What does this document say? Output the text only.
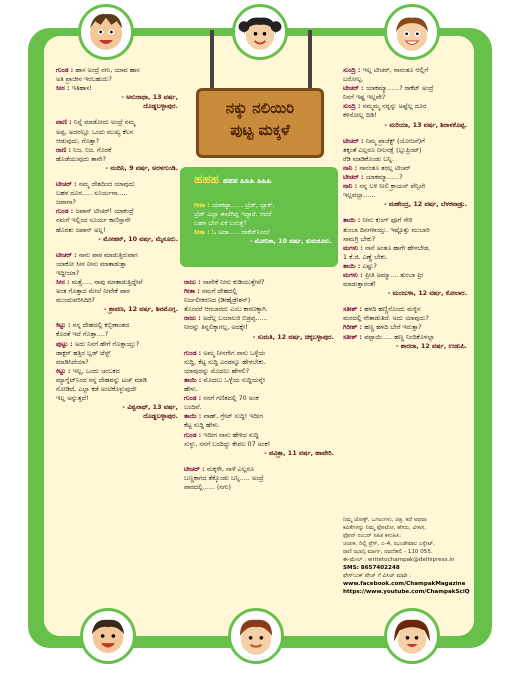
ನಕ್ಕು ನಲಿಯಿರಿ
ಪುಟ್ಟ ಮಕ್ಕಳೆ

ಗುಂಡ : ಹಾಸ ಅಂದ್ರೆ ನಗು, ಯಾವ ಹಾಸ

ಅತಿ ಪ್ರಾಚೀನ ಇರಬಹುದು?

ಸೀನ : ಇತಿಹಾಸ!

- ಅನುರಾಧಾ, 13 ವರ್ಷ,

ದೊಡ್ಡಬಳ್ಳಾಪುರ.

ವಾಣಿ : ನಿನ್ನೆ ಮಾಡೋದು ಅಂದ್ರೆ ನಮ್ಮ

ಅಪ್ಪ, ಅದರಲ್ಲೂ ಒಂದು ಮುಖ್ಯ ಕೆಲಸ

ಆಡುವುದು, ಗೊತ್ತಾ?

ರಾಣಿ : ನಿಜ, ನಿಜ. ಗೊರಕೆ

ಹೊಡೆಯುವುದು ತಾನೇ?

- ನಂದಿನಿ, 9 ವರ್ಷ, ಅರಳಗುಂಡಿ.

ಟೀಚರ್ : ನಮ್ಮ ದೇಶದಿಂದ ಯಾವುದು

ಬಹಳ ದೂರ..... ಸೂರ್ಯನಾ.....

ಜಪಾನಾ?

ಗುಂಡ : ಜಪಾನ್ ಟೀಚರ್! ಯಾಕಂದ್ರೆ

ನಮಗೆ ಇಲ್ಲಿಂದ ಸೂರ್ಯ ಕಾಣಿಸ್ತಾನೇ

ಹೊರತು ಜಪಾನ್ ಅಲ್ಲ!

- ಮೋಹನ್, 10 ವರ್ಷ, ಮೈಸೂರು.

ಟೀಚರ್ : ನಾನು ಪಾಠ ಮಾಡುತ್ತಿರುವಾಗ

ಯಾಕೋ ಸೀನ ನೀನು ಮಾತಾಡುತ್ತಾ

ಇದ್ದೀಯಾ?

ಸೀನ : ಮತ್ತೆ..... ನಾವು ಮಾತಾಡುತ್ತಿದ್ದೇವೆ

ಅಂತ ಗೊತ್ತಾದ ಮೇಲೆ ನೀವೇಕೆ ಪಾಠ

ಮುಂದುವರಿಸಿದಿರಿ?

- ಶ್ರಾವಣ, 12 ವರ್ಷ, ಶಿವಮೊಗ್ಗ.

ಕಿಟ್ಟು : ನನ್ನ ದೇಹದಲ್ಲಿ ಕಬ್ಬಿಣಾಂಶದ

ಕೊರತೆ ಇದೆ ಗೊತ್ತಾ....?

ಪುಟ್ಟು : ಅದು ನಿನಗೆ ಹೇಗೆ ಗೊತ್ತಾಯ್ತು?

ಡಾಕ್ಟರ್ ಹತ್ತಿರ ಬ್ಲಡ್ ಟೆಸ್ಟ್

ಮಾಡಿಸಿದೆಯಾ?

ಕಿಟ್ಟು : ಇಲ್ಲ, ಒಂದು ಚಂಬಕದ

ಮ್ಯಾಗ್ನೆಟ್‌ನಿಂದ ನನ್ನ ದೇಹವನ್ನು ಟಚ್ ಮಾಡಿ

ನೋಡಿದೆ, ಎಲ್ಲಾ ಕಡೆ ಅಂಟಿಕೊಳ್ಳುವುದೇ

ಇಲ್ಲ ಅನ್ನುತ್ತದೆ!

- ವಿಶ್ವನಾಥ್, 13 ವರ್ಷ,

ದೊಡ್ಡಬಳ್ಳಾಪುರ.

ಹಹಹ ಹಹಹ ಹಿಹಿಹಿ ಹಿಹಿಹಿ

ಗೀತಾ : ಯಾಕಪ್ಪಾ...... ಬ್ರೆಡ್, ಬ್ಲಾಕ್,

ಬ್ರೆಡ್ ಎಲ್ಲಾ ಈಚೆಗಿದ್ದ ಇದ್ದಾರೆ, ಆದರೆ

ಬಹಳ ಬೇಗ ಏಕೆ ಬರುತ್ತೆ?

ಸೀತಾ : ಓ ಅದಾ..... ಜಾಕೆಟ್‌ನಿಂದ!

- ಮೋನಿಕಾ, 10 ವರ್ಷ, ತುಮಕೂರು.

ರಾಜು : ನಾವೇಕೆ ನೀರು ಕುಡಿಯುತ್ತೇವೆ?

ಗೀತಾ : ನಮಗೆ ದೇಹದಲ್ಲಿ

ನಿರ್ಜಲೀಕರಣದ (ಡೀಹೈಡ್ರೇಶನ್)

ತೊಂದರೆ ಆಗಬಾರದು ಎಂಬ ಕಾರಣಕ್ಕಾಗಿ.

ರಾಜು : ಅದೆಲ್ಲ ಬಯಾಲಜಿ ಬಿಡ್ರಪ್ಪ......

ನೀರನ್ನು ತಿನ್ನಲಿಕ್ಕಾಗಲ್ಲ, ಅದಕ್ಕೇ!

- ಸುಮತಿ, 12 ವರ್ಷ, ಚಿಕ್ಕಬಳ್ಳಾಪುರ.

ಗುಂಡ : ಅಮ್ಮ ನೀನಗೇಗ ನಾನು ಒಳ್ಳೆಯ

ಸುದ್ದಿ, ಕೆಟ್ಟ ಸುದ್ದಿ ಎರಡನ್ನೂ ಹೇಳಬೇಕು.

ಯಾವುದನ್ನು ಮೊದಲು ಹೇಳಲಿ?

ತಾಯಿ : ಮೊದಲು ಒಳ್ಳೆಯ ಸುದ್ದಿಯನ್ನೇ

ಹೇಳು.

ಗುಂಡ : ನನಗೆ ಗಣಿತದಲ್ಲಿ 70 ಅಂಕ

ಬಂದಿವೆ.

ತಾಯಿ : ವಾಹ್, ಗ್ರೇಟ್ ಸುದ್ದಿ! ಇದೀಗ

ಕೆಟ್ಟ ಸುದ್ದಿ ಹೇಳು.

ಗುಂಡ : ಇದೀಗ ನಾನು ಹೇಳಿದ ಸುದ್ದಿ

ಸುಳ್ಳು, ನನಗೆ ಬಂದಿದ್ದು ಕೇವಲ 07 ಅಂಕ!

- ಪವಿತ್ರಾ, 11 ವರ್ಷ, ಹಾವೇರಿ.

ಟೀಚರ್ : ಮಕ್ಕಳೇ, ನಾಳೆ ಎಲ್ಲರೂ

ಬಣ್ಣಕಾಗದ ತೆಕ್ಕೊಂಡು ಬನ್ನಿ..... ಅಂದ್ರೆ

ಪಾಠದಲ್ಲಿ...... (ನಗು)

ಸುಂದ್ರಿ : ಇಲ್ಲ ಟೀಚರ್, ನಾನಂತೂ ಆಲ್ಲಿಗೆ

ಬರೋಲ್ಲ.

ಟೀಚರ್ : ಯಾಕಮ್ಮಾ......? ರಾಕೆಟ್ ಅಂದ್ರೆ

ನಿನಗೆ ಇಷ್ಟ ಇಲ್ಲವೇ?

ಸುಂದ್ರಿ : ನಮ್ಮಮ್ಮ ನನ್ನನ್ನು ಅಷ್ಟೆಲ್ಲ ದೂರ

ಕಳಿಸೋಲ್ಲ ದಿಡಿ!

- ಮರಿಯಾ, 13 ವರ್ಷ, ಶಿರಾಳಕೊಪ್ಪ.

ಟೀಚರ್ : ನಿಮ್ಮ ಪ್ರಾಜೆಕ್ಟ್ (ಯೋಜನೆ)ಗೆ

ತಕ್ಕಂತೆ ಎಲ್ಲರೂ ನೀಲನಕ್ಷೆ (ಬ್ಲುಪ್ರಿಂಟ್)

ರೆಡಿ ಮಾಡಿಕೊಂಡು ಬನ್ನಿ.

ನಾನಿ : ನಾನಂತೂ ತರಲ್ಲ ಟೀಚರ್

ಟೀಚರ್ : ಯಾಕಮ್ಮಾ......?

ನಾನಿ : ನನ್ನ ಬಳಿ ನೀಲಿ ಕ್ರಾಯನ್ ಪೆನ್ಸಿಲೇ

ಇಲ್ಲವಲ್ಲಾ......

- ಮಹೇಂದ್ರ, 12 ವರ್ಷ, ಬೆಳಕವಾಡ್ರು.

ತಾಯಿ : ನೀನು ಕುಂಗ್ ಫೂಗೆ ಸೇರಿ

ತುಂಬಾ ದಿನಗಳಾಯ್ತು. ಇಷ್ಟೊತ್ತು ಮುಬಾರಿ

ಸಾಮಗ್ರಿ ಬೇಕು?

ಮಗಳು : ನಾನೆ ಅಂತೂ ಹಾಗೇ ಹೇಳಬೇಡ,

1 ಕೆ.ಜಿ. ಎಣ್ಣೆ ಬೇಕು.

ತಾಯಿ : ಎಷ್ಟು?

ಮಗಳು : ಪ್ರೀತಿ ಅಮ್ಮಾ.... ತುಂಬಾ ಪ್ರೀ

ಮಾಡುತ್ತಾರಂತೆ!

- ಮಂಜುಳಾ, 12 ವರ್ಷ, ಕೋಲಾರ.

ಸತೀಶ್ : ಹಳದಿ ಹಣ್ಣಿನೊಂದು ಮಳ್ಳಿನ

ಮರದಲ್ಲಿ ನೇತಾಡುತಿದೆ. ಅದು ಯಾವುದು?

ಗಿರೀಶ್ : ಹಣ್ಣ ಹಳದಿ ಬೇರೆ ಇರುತ್ತಾ?

ಸತೀಶ್ : ಪಪ್ಪಾಯಿ..... ಹಣ್ಣ ನಿಂದಿಕೊಳಲ್ಲಾ

- ಶಾರದಾ, 12 ವರ್ಷ, ಉಡುಪಿ.

ನಿಮ್ಮ ಜೋಕ್ಸ್, ಒಗಟುಗಳು, ಚಿತ್ರ, ಕಥೆ ಅಥವಾ
ಕವಿತೆಗಳನ್ನು ನಿಮ್ಮ ಫೋಟೋ, ಹೆಸರು, ವಿಳಾಸ,
ಫೋನ್ ನಂಬರ್ ಸಹಿತ ಕಳುಹಿಸಿ:
ಚಂಪಕ, ದಿಲ್ಲಿ ಪ್ರೆಸ್, ಎ-4, ಝಂಡೇವಾಲ ಎಸ್ಟೇಟ್,
ರಾಣಿ ಝಾನ್ಸಿ ಮಾರ್ಗ, ನವದೆಹಲಿ - 110 055.
ಈ-ಮೇಲ್ : writetochampak@delhipress.in
SMS: 8657402248
ಫೇಸ್‌ಬುಕ್ ಪೇಜ್ ಗೆ ವಿಸಿಟ್ ಮಾಡಿ :
www.facebook.com/ChampakMagazine
https://www.youtube.com/ChampakSciQ
